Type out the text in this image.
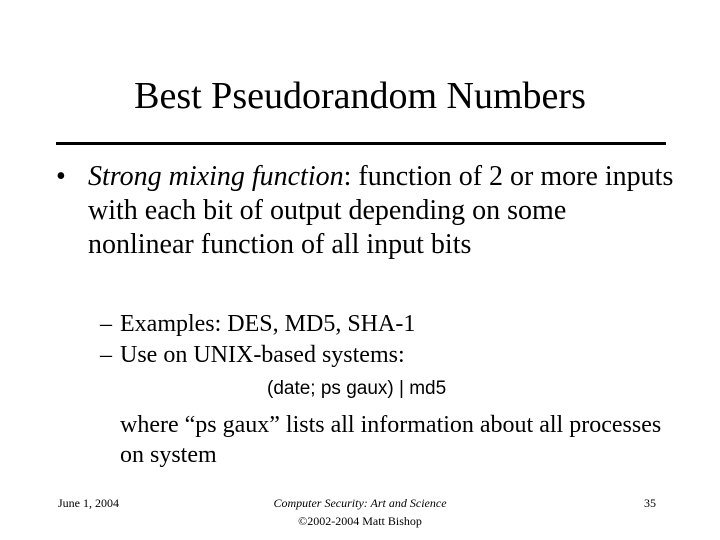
Best Pseudorandom Numbers
• Strong mixing function: function of 2 or more inputs with each bit of output depending on some nonlinear function of all input bits
– Examples: DES, MD5, SHA-1
– Use on UNIX-based systems:
(date; ps gaux) | md5
where “ps gaux” lists all information about all processes on system
June 1, 2004	Computer Security: Art and Science
©2002-2004 Matt Bishop
35
